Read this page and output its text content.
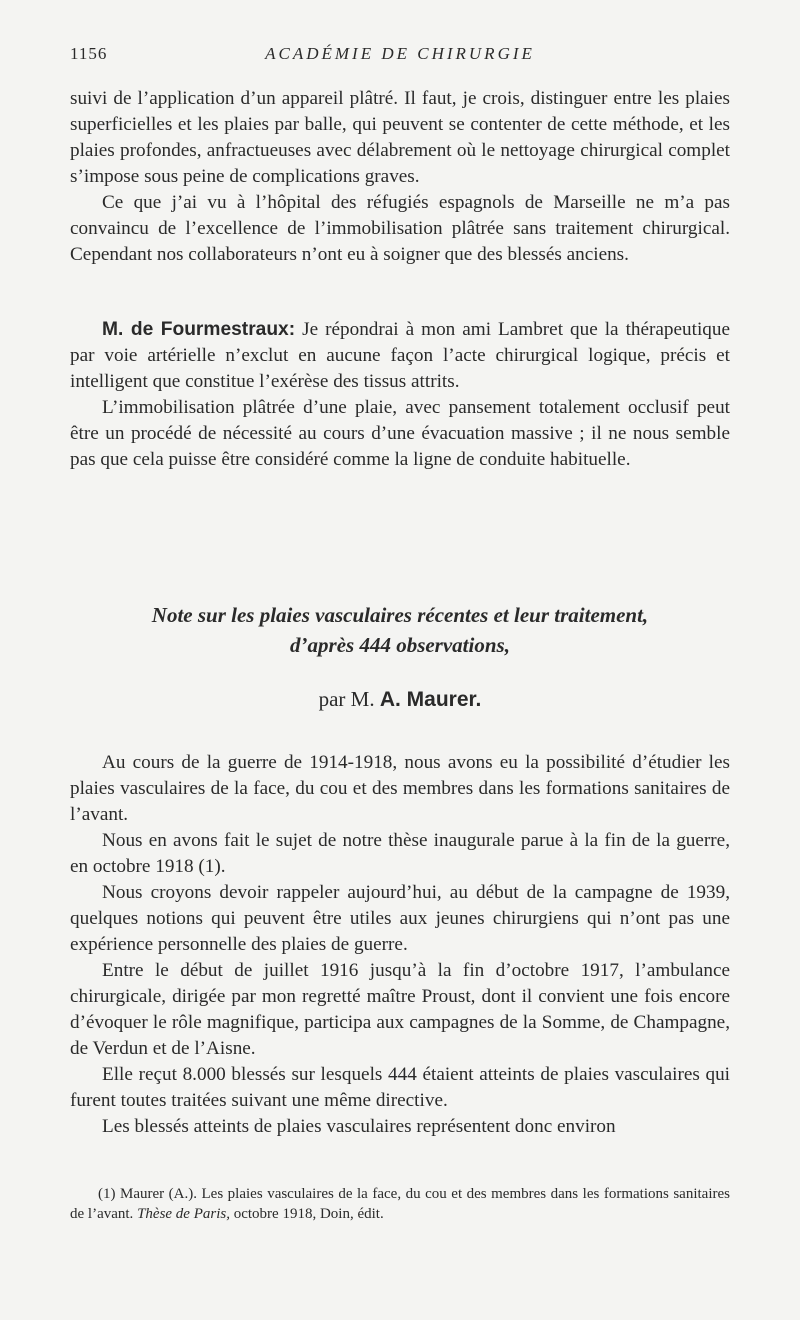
1156	ACADÉMIE DE CHIRURGIE

suivi de l’application d’un appareil plâtré. Il faut, je crois, distinguer entre les plaies superficielles et les plaies par balle, qui peuvent se contenter de cette méthode, et les plaies profondes, anfractueuses avec délabrement où le nettoyage chirurgical complet s’impose sous peine de complications graves.

Ce que j’ai vu à l’hôpital des réfugiés espagnols de Marseille ne m’a pas convaincu de l’excellence de l’immobilisation plâtrée sans traitement chirurgical. Cependant nos collaborateurs n’ont eu à soigner que des blessés anciens.

M. de Fourmestraux: Je répondrai à mon ami Lambret que la thérapeutique par voie artérielle n’exclut en aucune façon l’acte chirurgical logique, précis et intelligent que constitue l’exérèse des tissus attrits.

L’immobilisation plâtrée d’une plaie, avec pansement totalement occlusif peut être un procédé de nécessité au cours d’une évacuation massive ; il ne nous semble pas que cela puisse être considéré comme la ligne de conduite habituelle.

Note sur les plaies vasculaires récentes et leur traitement,
d’après 444 observations,
par M. A. Maurer.

Au cours de la guerre de 1914-1918, nous avons eu la possibilité d’étudier les plaies vasculaires de la face, du cou et des membres dans les formations sanitaires de l’avant.

Nous en avons fait le sujet de notre thèse inaugurale parue à la fin de la guerre, en octobre 1918 (1).

Nous croyons devoir rappeler aujourd’hui, au début de la campagne de 1939, quelques notions qui peuvent être utiles aux jeunes chirurgiens qui n’ont pas une expérience personnelle des plaies de guerre.

Entre le début de juillet 1916 jusqu’à la fin d’octobre 1917, l’ambulance chirurgicale, dirigée par mon regretté maître Proust, dont il convient une fois encore d’évoquer le rôle magnifique, participa aux campagnes de la Somme, de Champagne, de Verdun et de l’Aisne.

Elle reçut 8.000 blessés sur lesquels 444 étaient atteints de plaies vasculaires qui furent toutes traitées suivant une même directive.

Les blessés atteints de plaies vasculaires représentent donc environ

(1) Maurer (A.). Les plaies vasculaires de la face, du cou et des membres dans les formations sanitaires de l’avant. Thèse de Paris, octobre 1918, Doin, édit.
